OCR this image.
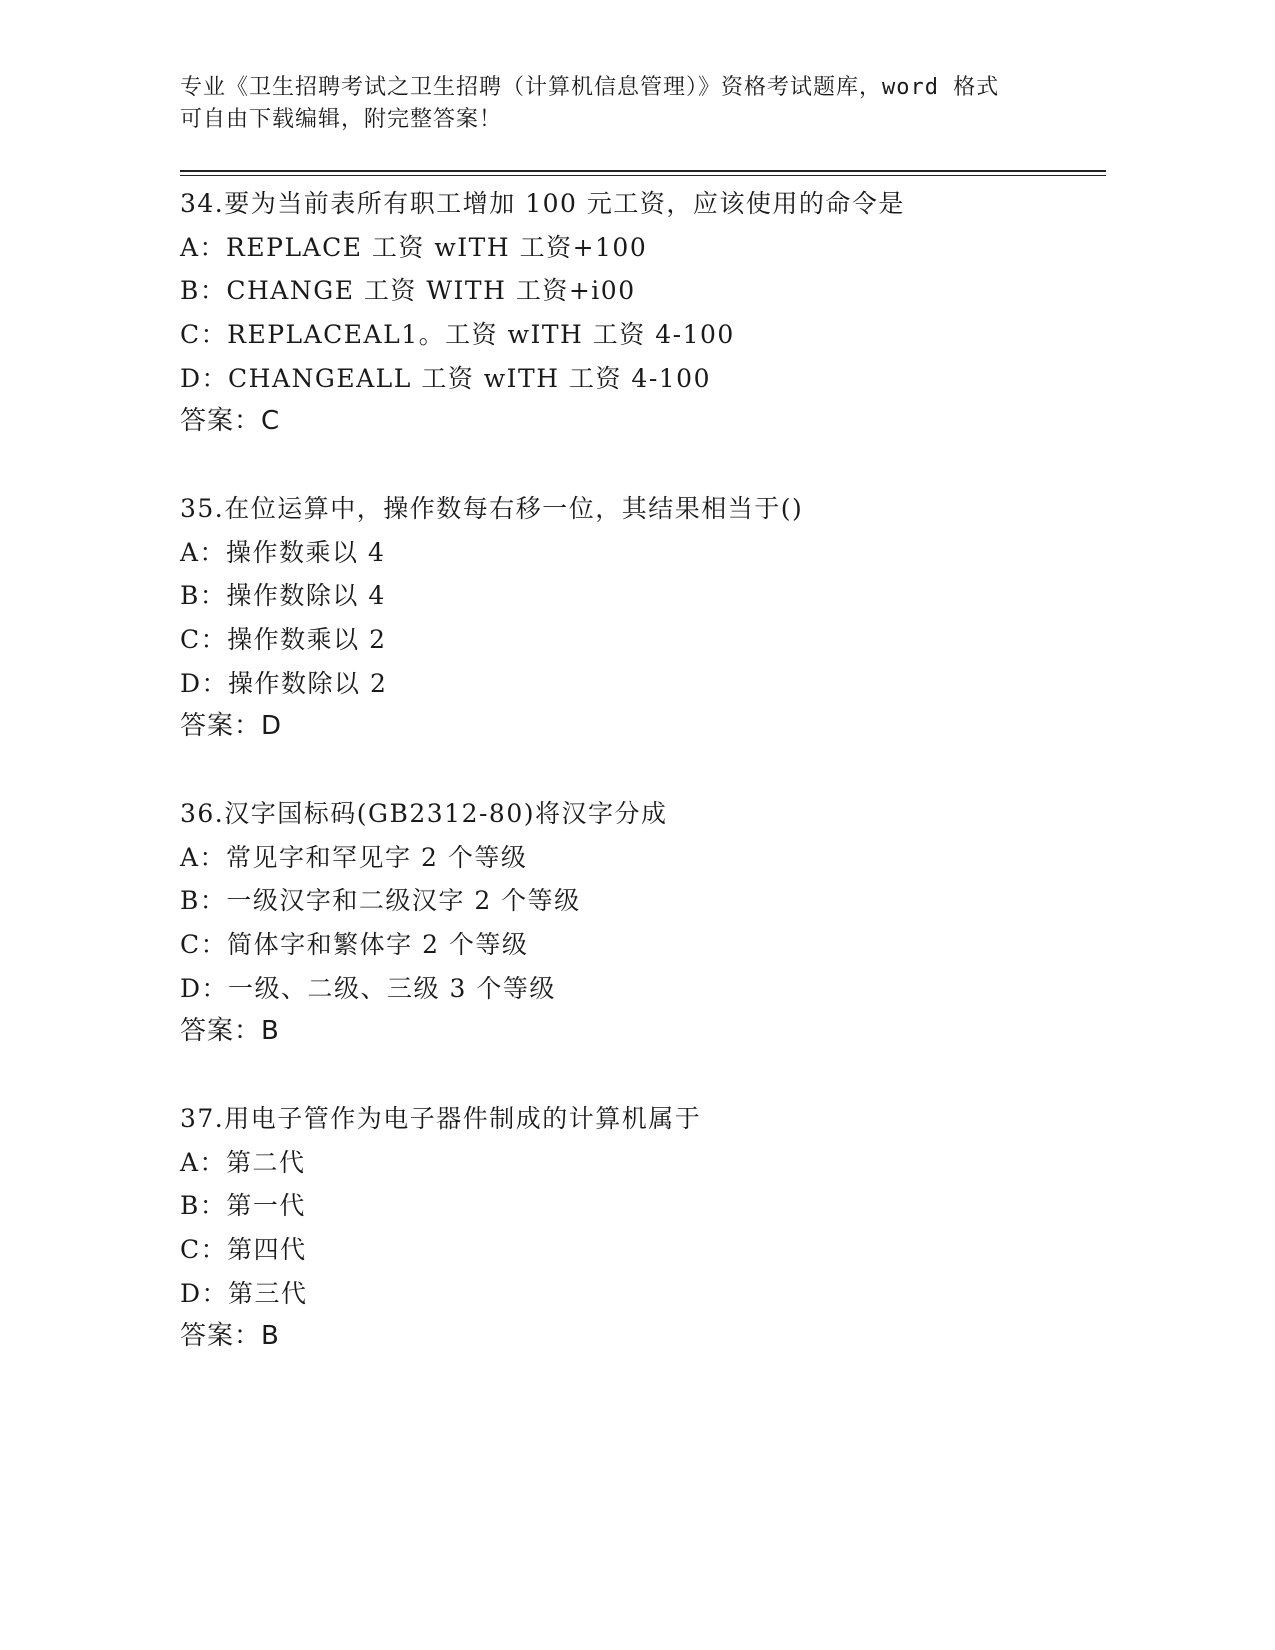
专业《卫生招聘考试之卫生招聘（计算机信息管理）》资格考试题库，word 格式
可自由下载编辑，附完整答案！
34.要为当前表所有职工增加 100 元工资，应该使用的命令是
A：REPLACE 工资 wITH 工资+100
B：CHANGE 工资 WITH 工资+i00
C：REPLACEAL1。工资 wITH 工资 4-100
D：CHANGEALL 工资 wITH 工资 4-100
答案：C
35.在位运算中，操作数每右移一位，其结果相当于()
A：操作数乘以 4
B：操作数除以 4
C：操作数乘以 2
D：操作数除以 2
答案：D
36.汉字国标码(GB2312-80)将汉字分成
A：常见字和罕见字 2 个等级
B：一级汉字和二级汉字 2 个等级
C：简体字和繁体字 2 个等级
D：一级、二级、三级 3 个等级
答案：B
37.用电子管作为电子器件制成的计算机属于
A：第二代
B：第一代
C：第四代
D：第三代
答案：B
